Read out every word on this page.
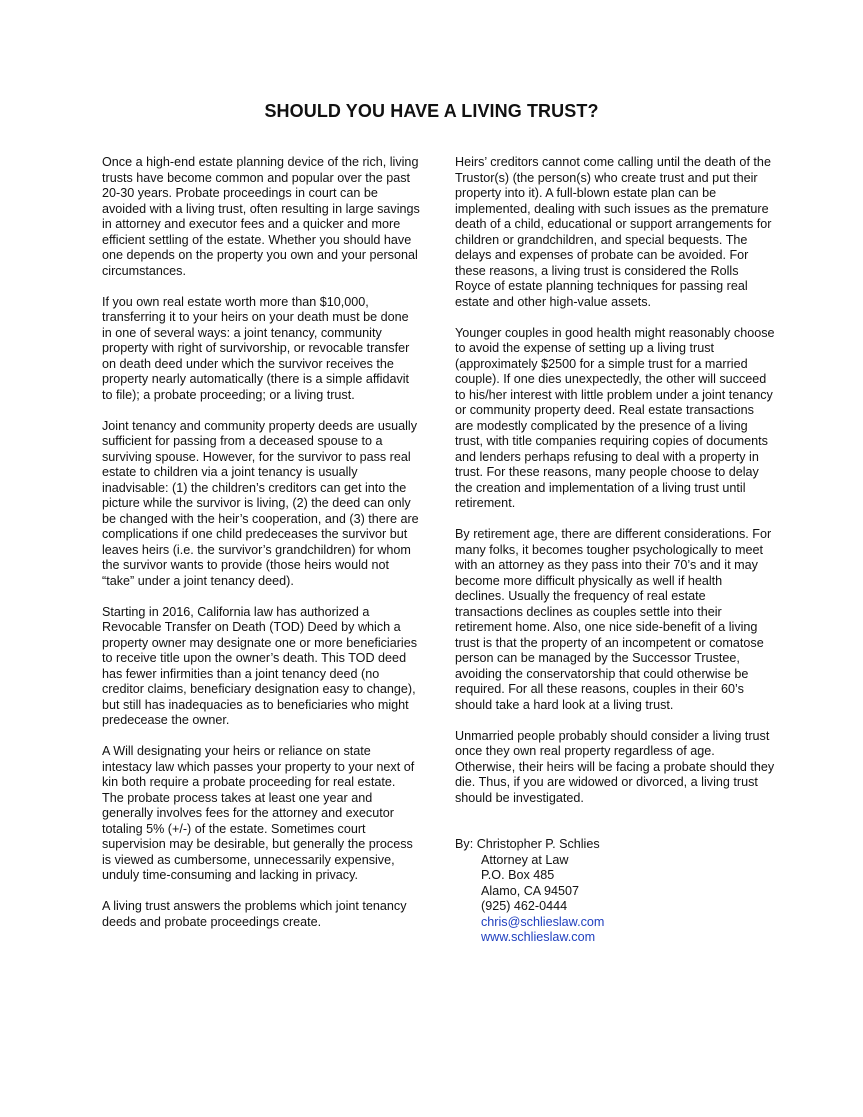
SHOULD YOU HAVE A LIVING TRUST?

Once a high-end estate planning device of the rich, living trusts have become common and popular over the past 20-30 years. Probate proceedings in court can be avoided with a living trust, often resulting in large savings in attorney and executor fees and a quicker and more efficient settling of the estate. Whether you should have one depends on the property you own and your personal circumstances.

If you own real estate worth more than $10,000, transferring it to your heirs on your death must be done in one of several ways: a joint tenancy, community property with right of survivorship, or revocable transfer on death deed under which the survivor receives the property nearly automatically (there is a simple affidavit to file); a probate proceeding; or a living trust.

Joint tenancy and community property deeds are usually sufficient for passing from a deceased spouse to a surviving spouse. However, for the survivor to pass real estate to children via a joint tenancy is usually inadvisable: (1) the children’s creditors can get into the picture while the survivor is living, (2) the deed can only be changed with the heir’s cooperation, and (3) there are complications if one child predeceases the survivor but leaves heirs (i.e. the survivor’s grandchildren) for whom the survivor wants to provide (those heirs would not “take” under a joint tenancy deed).

Starting in 2016, California law has authorized a Revocable Transfer on Death (TOD) Deed by which a property owner may designate one or more beneficiaries to receive title upon the owner’s death. This TOD deed has fewer infirmities than a joint tenancy deed (no creditor claims, beneficiary designation easy to change), but still has inadequacies as to beneficiaries who might predecease the owner.

A Will designating your heirs or reliance on state intestacy law which passes your property to your next of kin both require a probate proceeding for real estate. The probate process takes at least one year and generally involves fees for the attorney and executor totaling 5% (+/-) of the estate. Sometimes court supervision may be desirable, but generally the process is viewed as cumbersome, unnecessarily expensive, unduly time-consuming and lacking in privacy.

A living trust answers the problems which joint tenancy deeds and probate proceedings create.

Heirs’ creditors cannot come calling until the death of the Trustor(s) (the person(s) who create trust and put their property into it). A full-blown estate plan can be implemented, dealing with such issues as the premature death of a child, educational or support arrangements for children or grandchildren, and special bequests. The delays and expenses of probate can be avoided. For these reasons, a living trust is considered the Rolls Royce of estate planning techniques for passing real estate and other high-value assets.

Younger couples in good health might reasonably choose to avoid the expense of setting up a living trust (approximately $2500 for a simple trust for a married couple). If one dies unexpectedly, the other will succeed to his/her interest with little problem under a joint tenancy or community property deed. Real estate transactions are modestly complicated by the presence of a living trust, with title companies requiring copies of documents and lenders perhaps refusing to deal with a property in trust. For these reasons, many people choose to delay the creation and implementation of a living trust until retirement.

By retirement age, there are different considerations. For many folks, it becomes tougher psychologically to meet with an attorney as they pass into their 70’s and it may become more difficult physically as well if health declines. Usually the frequency of real estate transactions declines as couples settle into their retirement home. Also, one nice side-benefit of a living trust is that the property of an incompetent or comatose person can be managed by the Successor Trustee, avoiding the conservatorship that could otherwise be required. For all these reasons, couples in their 60’s should take a hard look at a living trust.

Unmarried people probably should consider a living trust once they own real property regardless of age. Otherwise, their heirs will be facing a probate should they die. Thus, if you are widowed or divorced, a living trust should be investigated.

By: Christopher P. Schlies
Attorney at Law
P.O. Box 485
Alamo, CA 94507
(925) 462-0444
chris@schlieslaw.com
www.schlieslaw.com
